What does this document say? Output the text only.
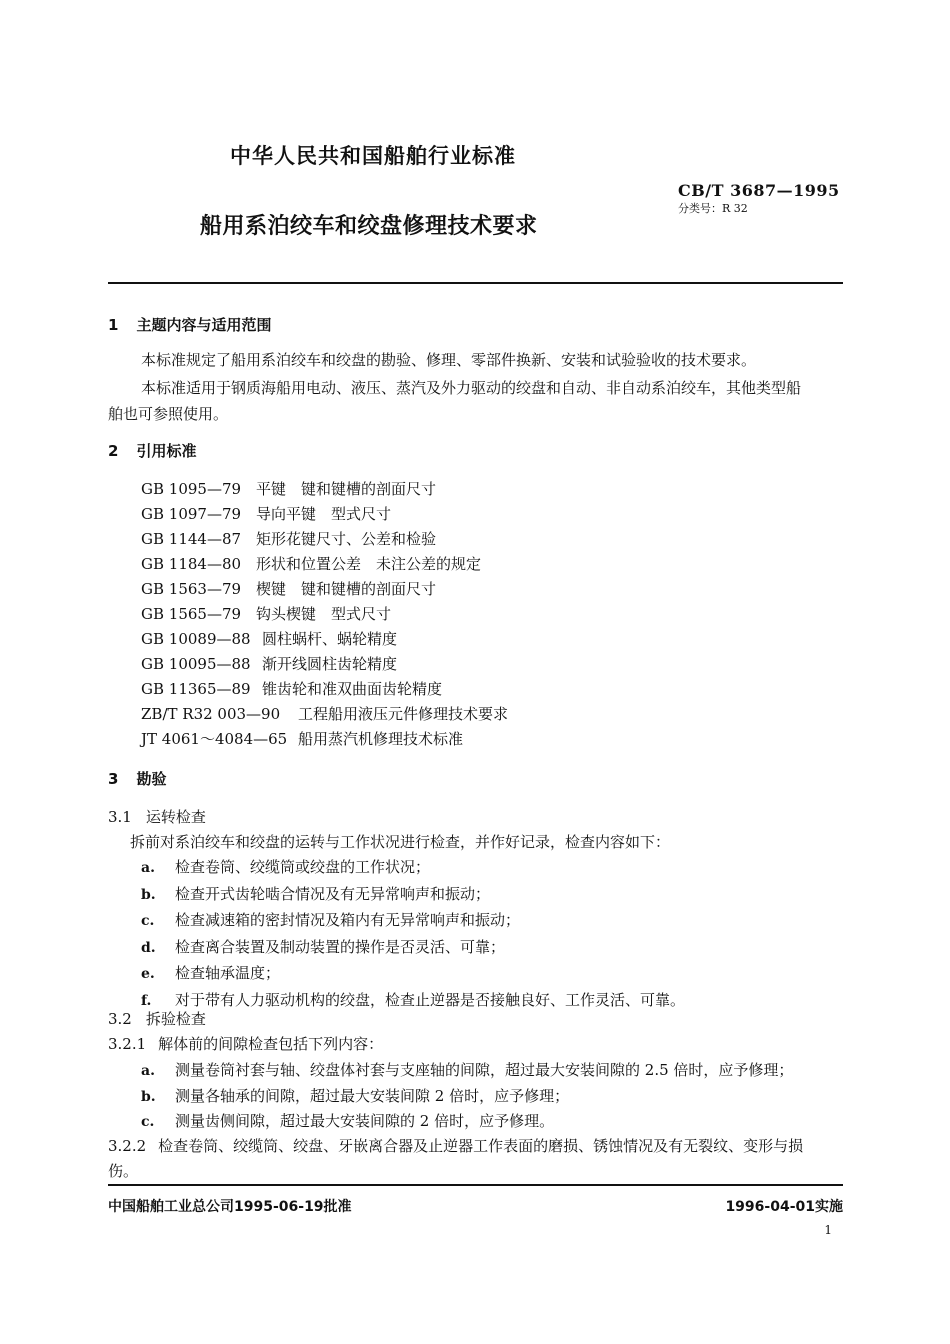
中华人民共和国船舶行业标准
船用系泊绞车和绞盘修理技术要求
CB/T 3687—1995
分类号：R 32
1 主题内容与适用范围
本标准规定了船用系泊绞车和绞盘的勘验、修理、零部件换新、安装和试验验收的技术要求。
本标准适用于钢质海船用电动、液压、蒸汽及外力驱动的绞盘和自动、非自动系泊绞车，其他类型船
舶也可参照使用。
2 引用标准
GB 1095—79 平键　键和键槽的剖面尺寸
GB 1097—79 导向平键　型式尺寸
GB 1144—87 矩形花键尺寸、公差和检验
GB 1184—80 形状和位置公差　未注公差的规定
GB 1563—79 楔键　键和键槽的剖面尺寸
GB 1565—79 钩头楔键　型式尺寸
GB 10089—88 圆柱蜗杆、蜗轮精度
GB 10095—88 渐开线圆柱齿轮精度
GB 11365—89 锥齿轮和准双曲面齿轮精度
ZB/T R32 003—90 工程船用液压元件修理技术要求
JT 4061～4084—65 船用蒸汽机修理技术标准
3 勘验
3.1 运转检查
拆前对系泊绞车和绞盘的运转与工作状况进行检查，并作好记录，检查内容如下：
a. 检查卷筒、绞缆筒或绞盘的工作状况；
b. 检查开式齿轮啮合情况及有无异常响声和振动；
c. 检查减速箱的密封情况及箱内有无异常响声和振动；
d. 检查离合装置及制动装置的操作是否灵活、可靠；
e. 检查轴承温度；
f. 对于带有人力驱动机构的绞盘，检查止逆器是否接触良好、工作灵活、可靠。
3.2 拆验检查
3.2.1 解体前的间隙检查包括下列内容：
a. 测量卷筒衬套与轴、绞盘体衬套与支座轴的间隙，超过最大安装间隙的 2.5 倍时，应予修理；
b. 测量各轴承的间隙，超过最大安装间隙 2 倍时，应予修理；
c. 测量齿侧间隙，超过最大安装间隙的 2 倍时，应予修理。
3.2.2 检查卷筒、绞缆筒、绞盘、牙嵌离合器及止逆器工作表面的磨损、锈蚀情况及有无裂纹、变形与损
伤。
中国船舶工业总公司1995-06-19批准	1996-04-01实施
1
